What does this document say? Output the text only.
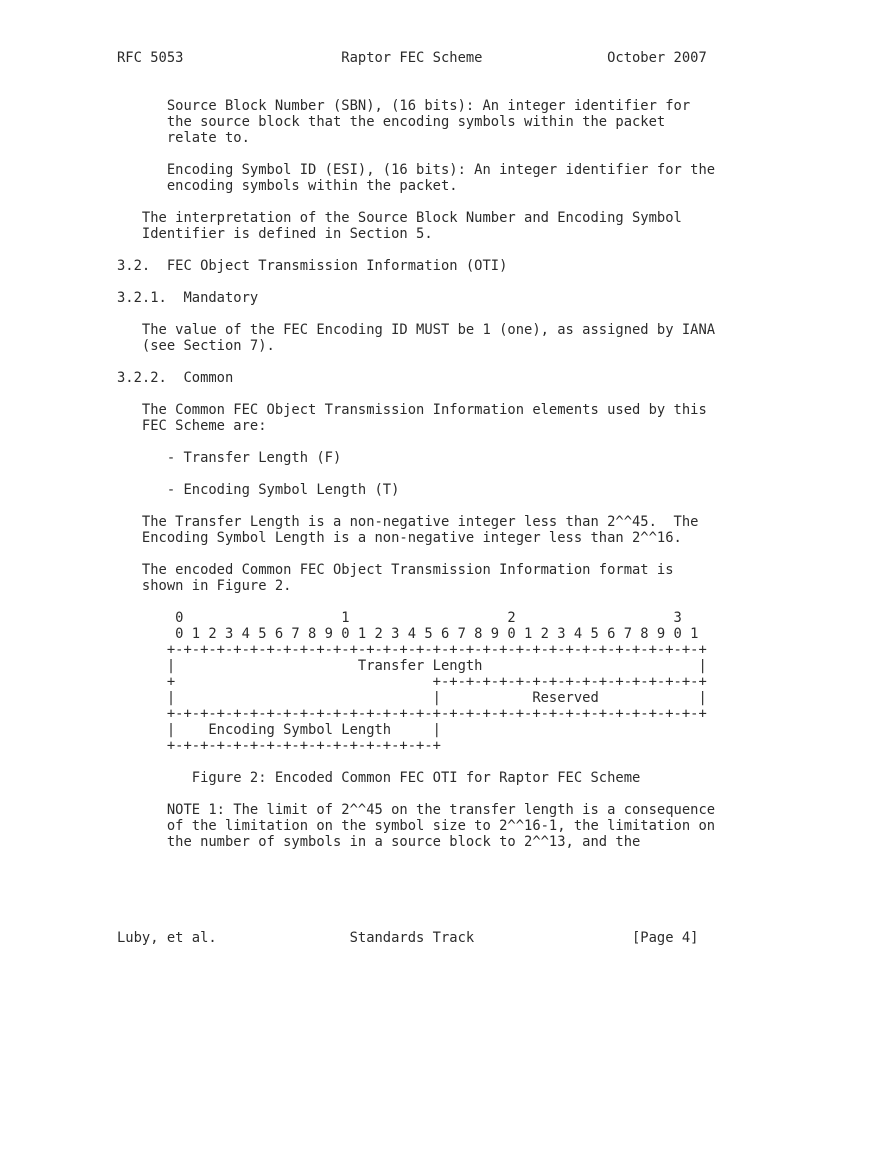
RFC 5053                   Raptor FEC Scheme               October 2007
Source Block Number (SBN), (16 bits): An integer identifier for
the source block that the encoding symbols within the packet
relate to.
Encoding Symbol ID (ESI), (16 bits): An integer identifier for the
encoding symbols within the packet.
The interpretation of the Source Block Number and Encoding Symbol
Identifier is defined in Section 5.
3.2.  FEC Object Transmission Information (OTI)
3.2.1.  Mandatory
The value of the FEC Encoding ID MUST be 1 (one), as assigned by IANA
(see Section 7).
3.2.2.  Common
The Common FEC Object Transmission Information elements used by this
FEC Scheme are:
- Transfer Length (F)
- Encoding Symbol Length (T)
The Transfer Length is a non-negative integer less than 2^^45.  The
Encoding Symbol Length is a non-negative integer less than 2^^16.
The encoded Common FEC Object Transmission Information format is
shown in Figure 2.
0                   1                   2                   3
0 1 2 3 4 5 6 7 8 9 0 1 2 3 4 5 6 7 8 9 0 1 2 3 4 5 6 7 8 9 0 1
+-+-+-+-+-+-+-+-+-+-+-+-+-+-+-+-+-+-+-+-+-+-+-+-+-+-+-+-+-+-+-+-+
|                      Transfer Length                          |
+                               +-+-+-+-+-+-+-+-+-+-+-+-+-+-+-+-+
|                               |           Reserved            |
+-+-+-+-+-+-+-+-+-+-+-+-+-+-+-+-+-+-+-+-+-+-+-+-+-+-+-+-+-+-+-+-+
|    Encoding Symbol Length     |
+-+-+-+-+-+-+-+-+-+-+-+-+-+-+-+-+
Figure 2: Encoded Common FEC OTI for Raptor FEC Scheme
NOTE 1: The limit of 2^^45 on the transfer length is a consequence
of the limitation on the symbol size to 2^^16-1, the limitation on
the number of symbols in a source block to 2^^13, and the
Luby, et al.                Standards Track                   [Page 4]
